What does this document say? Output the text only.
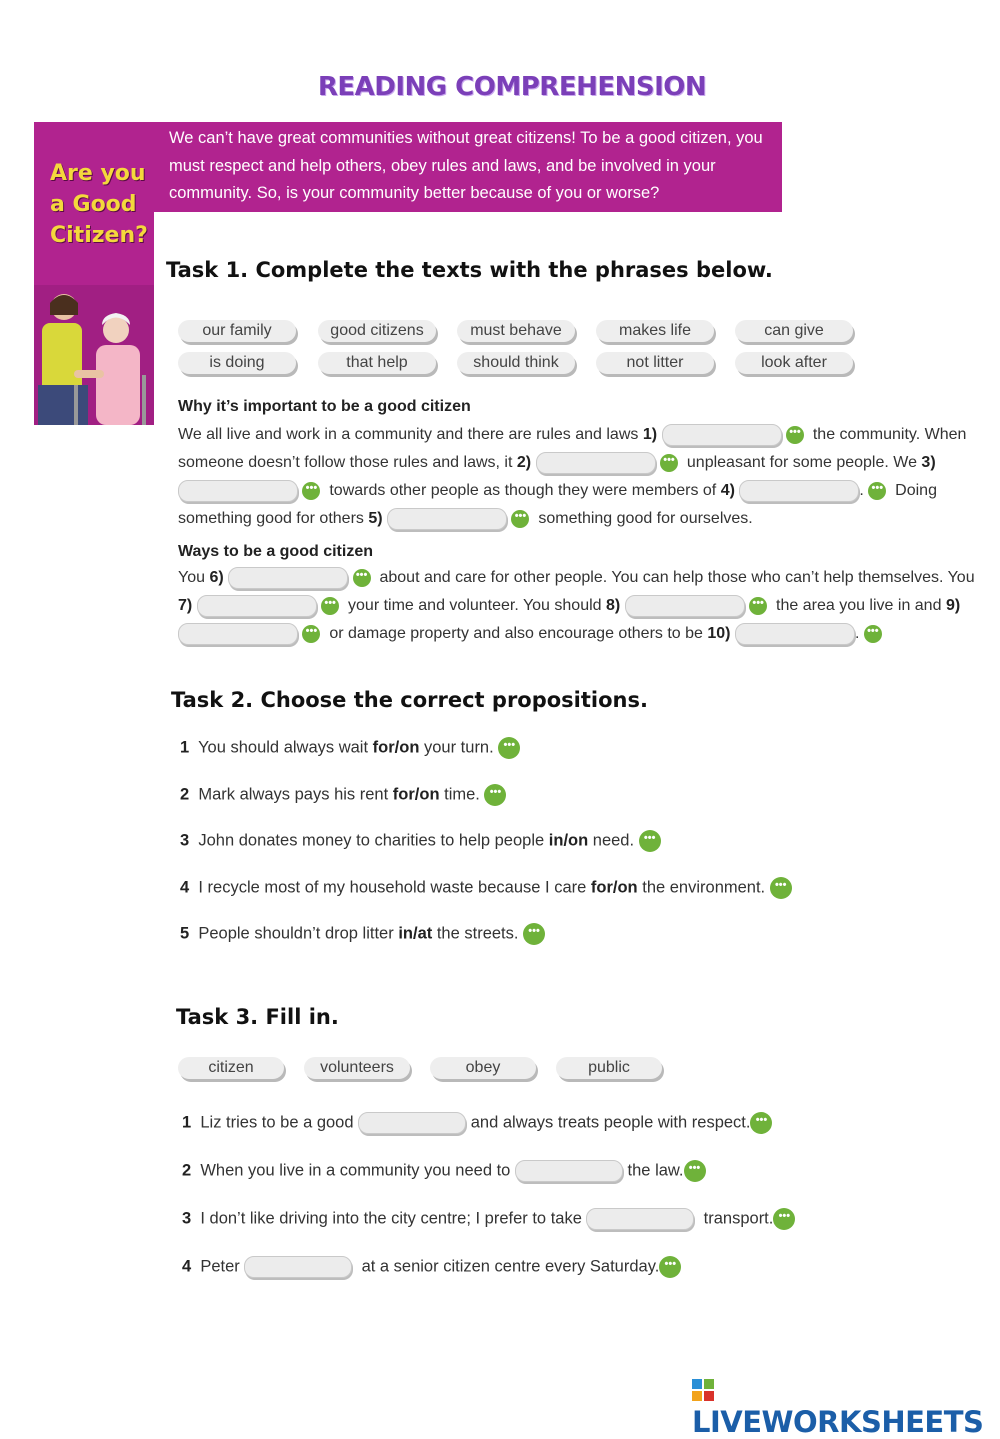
READING COMPREHENSION
Are you a Good Citizen?
We can’t have great communities without great citizens! To be a good citizen, you must respect and help others, obey rules and laws, and be involved in your community. So, is your community better because of you or worse?
Task 1. Complete the texts with the phrases below.
our family	good citizens	must behave	makes life	can give
is doing	that help	should think	not litter	look after
Why it’s important to be a good citizen
We all live and work in a community and there are rules and laws 1)	••• the community. When someone doesn’t follow those rules and laws, it 2)	••• unpleasant for some people. We 3)  ••• towards other people as though they were members of 4)	. ••• Doing something good for others 5)	••• something good for ourselves.
Ways to be a good citizen
You 6)	••• about and care for other people. You can help those who can’t help themselves. You 7)	••• your time and volunteer. You should 8)	••• the area you live in and 9)  ••• or damage property and also encourage others to be 10)	. •••
Task 2. Choose the correct propositions.
1 You should always wait for/on your turn. •••
2 Mark always pays his rent for/on time. •••
3 John donates money to charities to help people in/on need. •••
4 I recycle most of my household waste because I care for/on the environment. •••
5 People shouldn’t drop litter in/at the streets. •••
Task 3. Fill in.
citizen	volunteers	obey	public
1 Liz tries to be a good	and always treats people with respect. •••
2 When you live in a community you need to	the law. •••
3 I don’t like driving into the city centre; I prefer to take	transport. •••
4 Peter	at a senior citizen centre every Saturday. •••
LIVEWORKSHEETS
